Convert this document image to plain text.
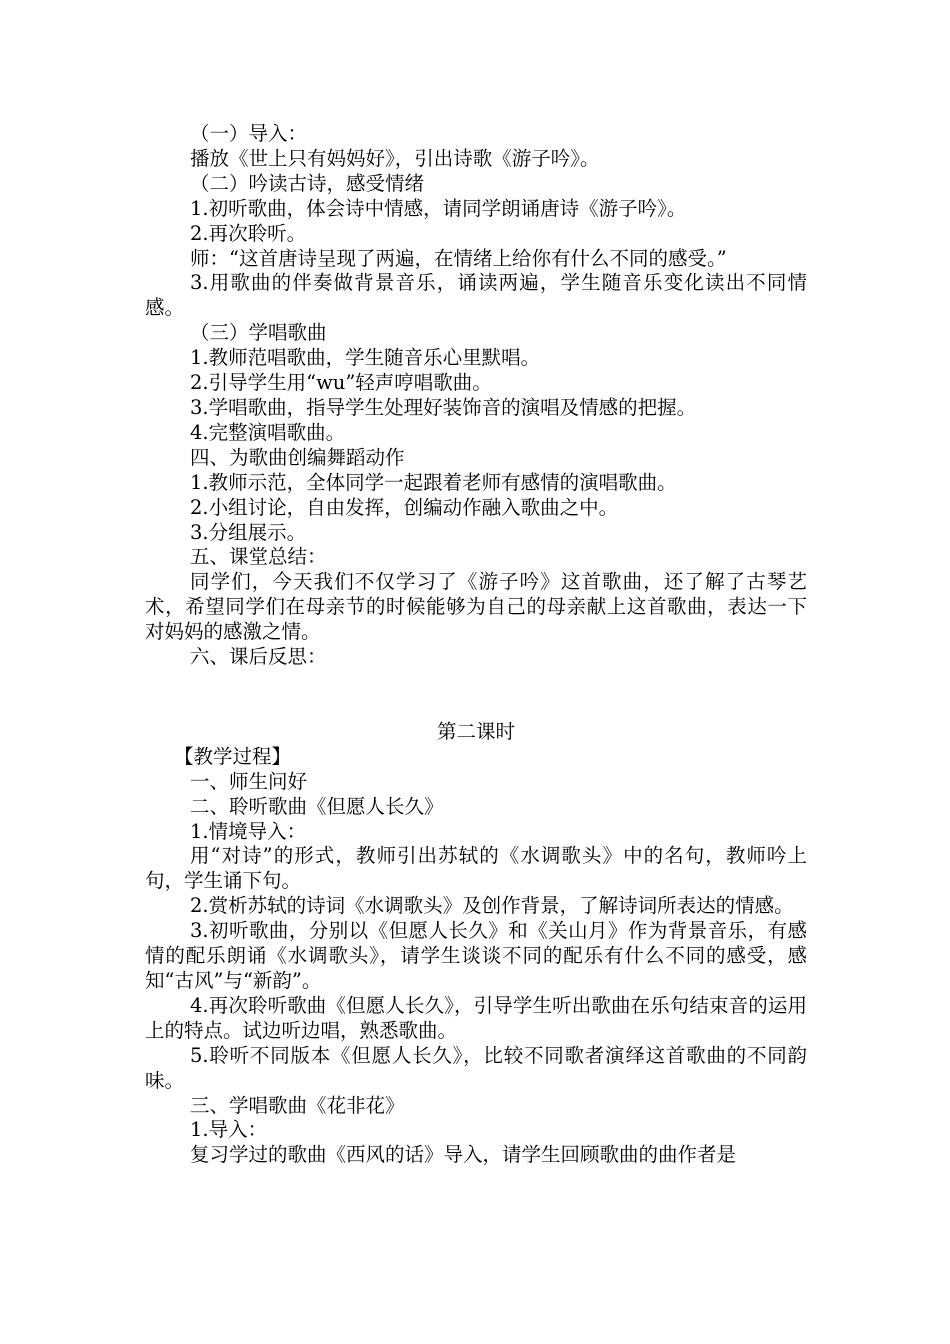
（一）导入：

播放《世上只有妈妈好》，引出诗歌《游子吟》。

（二）吟读古诗，感受情绪

1.初听歌曲，体会诗中情感，请同学朗诵唐诗《游子吟》。

2.再次聆听。

师：“这首唐诗呈现了两遍，在情绪上给你有什么不同的感受。”

3.用歌曲的伴奏做背景音乐，诵读两遍，学生随音乐变化读出不同情感。

（三）学唱歌曲

1.教师范唱歌曲，学生随音乐心里默唱。

2.引导学生用“wu”轻声哼唱歌曲。

3.学唱歌曲，指导学生处理好装饰音的演唱及情感的把握。

4.完整演唱歌曲。

四、为歌曲创编舞蹈动作

1.教师示范，全体同学一起跟着老师有感情的演唱歌曲。

2.小组讨论，自由发挥，创编动作融入歌曲之中。

3.分组展示。

五、课堂总结：

同学们，今天我们不仅学习了《游子吟》这首歌曲，还了解了古琴艺术，希望同学们在母亲节的时候能够为自己的母亲献上这首歌曲，表达一下对妈妈的感激之情。

六、课后反思：

第二课时

【教学过程】

一、师生问好

二、聆听歌曲《但愿人长久》

1.情境导入：

用“对诗”的形式，教师引出苏轼的《水调歌头》中的名句，教师吟上句，学生诵下句。

2.赏析苏轼的诗词《水调歌头》及创作背景，了解诗词所表达的情感。

3.初听歌曲，分别以《但愿人长久》和《关山月》作为背景音乐，有感情的配乐朗诵《水调歌头》，请学生谈谈不同的配乐有什么不同的感受，感知“古风”与“新韵”。

4.再次聆听歌曲《但愿人长久》，引导学生听出歌曲在乐句结束音的运用上的特点。试边听边唱，熟悉歌曲。

5.聆听不同版本《但愿人长久》，比较不同歌者演绎这首歌曲的不同韵味。

三、学唱歌曲《花非花》

1.导入：

复习学过的歌曲《西风的话》导入，请学生回顾歌曲的曲作者是
